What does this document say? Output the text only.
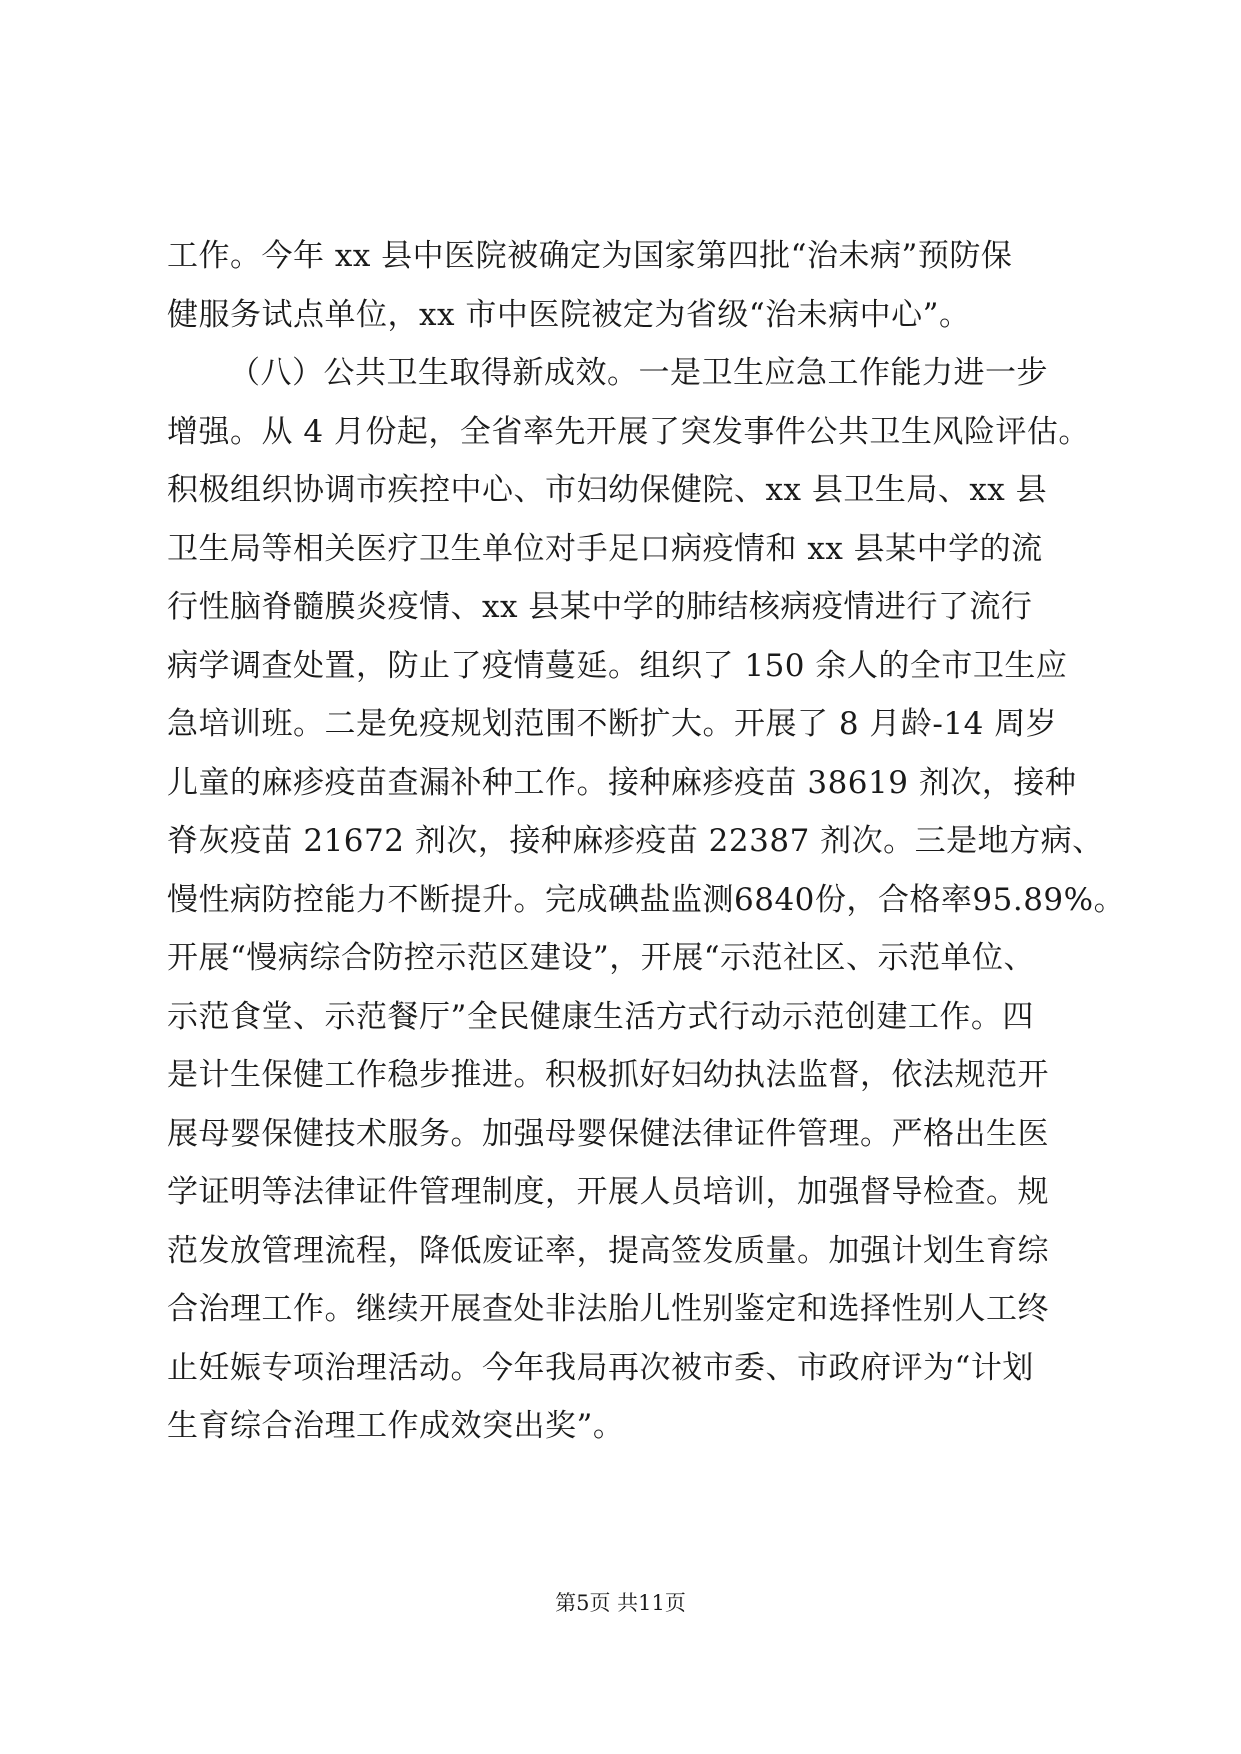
工作。今年 xx 县中医院被确定为国家第四批“治未病”预防保
健服务试点单位，xx 市中医院被定为省级“治未病中心”。
（八）公共卫生取得新成效。一是卫生应急工作能力进一步
增强。从 4 月份起，全省率先开展了突发事件公共卫生风险评估。
积极组织协调市疾控中心、市妇幼保健院、xx 县卫生局、xx 县
卫生局等相关医疗卫生单位对手足口病疫情和 xx 县某中学的流
行性脑脊髓膜炎疫情、xx 县某中学的肺结核病疫情进行了流行
病学调查处置，防止了疫情蔓延。组织了 150 余人的全市卫生应
急培训班。二是免疫规划范围不断扩大。开展了 8 月龄-14 周岁
儿童的麻疹疫苗查漏补种工作。接种麻疹疫苗 38619 剂次，接种
脊灰疫苗 21672 剂次，接种麻疹疫苗 22387 剂次。三是地方病、
慢性病防控能力不断提升。完成碘盐监测6840份，合格率95.89%。
开展“慢病综合防控示范区建设”，开展“示范社区、示范单位、
示范食堂、示范餐厅”全民健康生活方式行动示范创建工作。四
是计生保健工作稳步推进。积极抓好妇幼执法监督，依法规范开
展母婴保健技术服务。加强母婴保健法律证件管理。严格出生医
学证明等法律证件管理制度，开展人员培训，加强督导检查。规
范发放管理流程，降低废证率，提高签发质量。加强计划生育综
合治理工作。继续开展查处非法胎儿性别鉴定和选择性别人工终
止妊娠专项治理活动。今年我局再次被市委、市政府评为“计划
生育综合治理工作成效突出奖”。
第5页 共11页
